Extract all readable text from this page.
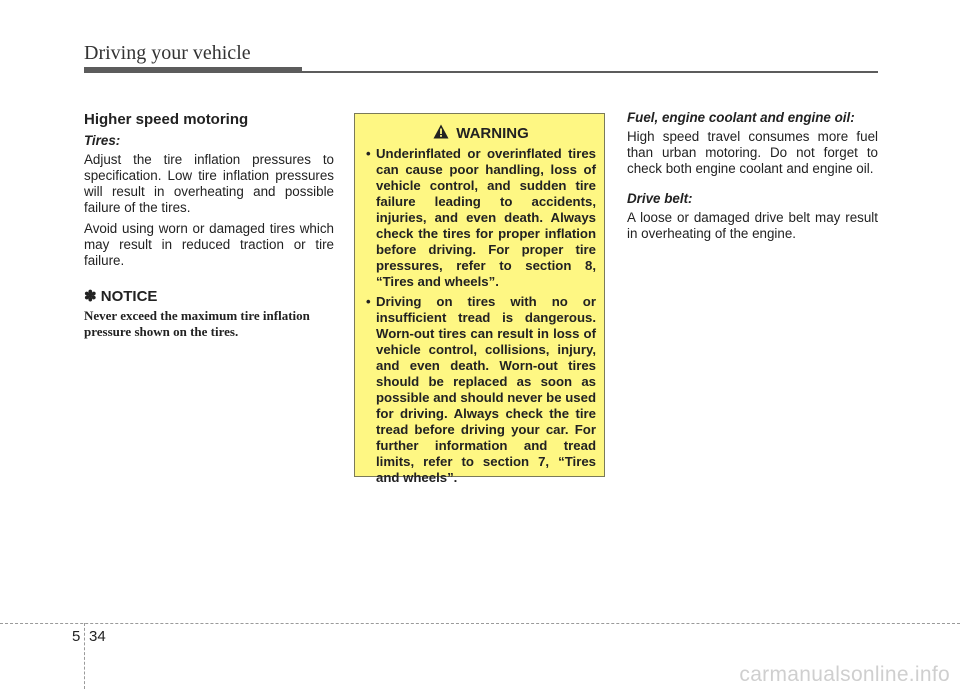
Driving your vehicle
Higher speed motoring
Tires:

Adjust the tire inflation pressures to specification. Low tire inflation pressures will result in overheating and possible failure of the tires.

Avoid using worn or damaged tires which may result in reduced traction or tire failure.

✽ NOTICE

Never exceed the maximum tire inflation pressure shown on the tires.

WARNING
• Underinflated or overinflated tires can cause poor handling, loss of vehicle control, and sudden tire failure leading to accidents, injuries, and even death. Always check the tires for proper inflation before driving. For proper tire pressures, refer to section 8, “Tires and wheels”.
• Driving on tires with no or insufficient tread is dangerous. Worn-out tires can result in loss of vehicle control, collisions, injury, and even death. Worn-out tires should be replaced as soon as possible and should never be used for driving. Always check the tire tread before driving your car. For further information and tread limits, refer to section 7, “Tires and wheels”.
Fuel, engine coolant and engine oil:

High speed travel consumes more fuel than urban motoring. Do not forget to check both engine coolant and engine oil.

Drive belt:

A loose or damaged drive belt may result in overheating of the engine.

5 34
carmanualsonline.info
